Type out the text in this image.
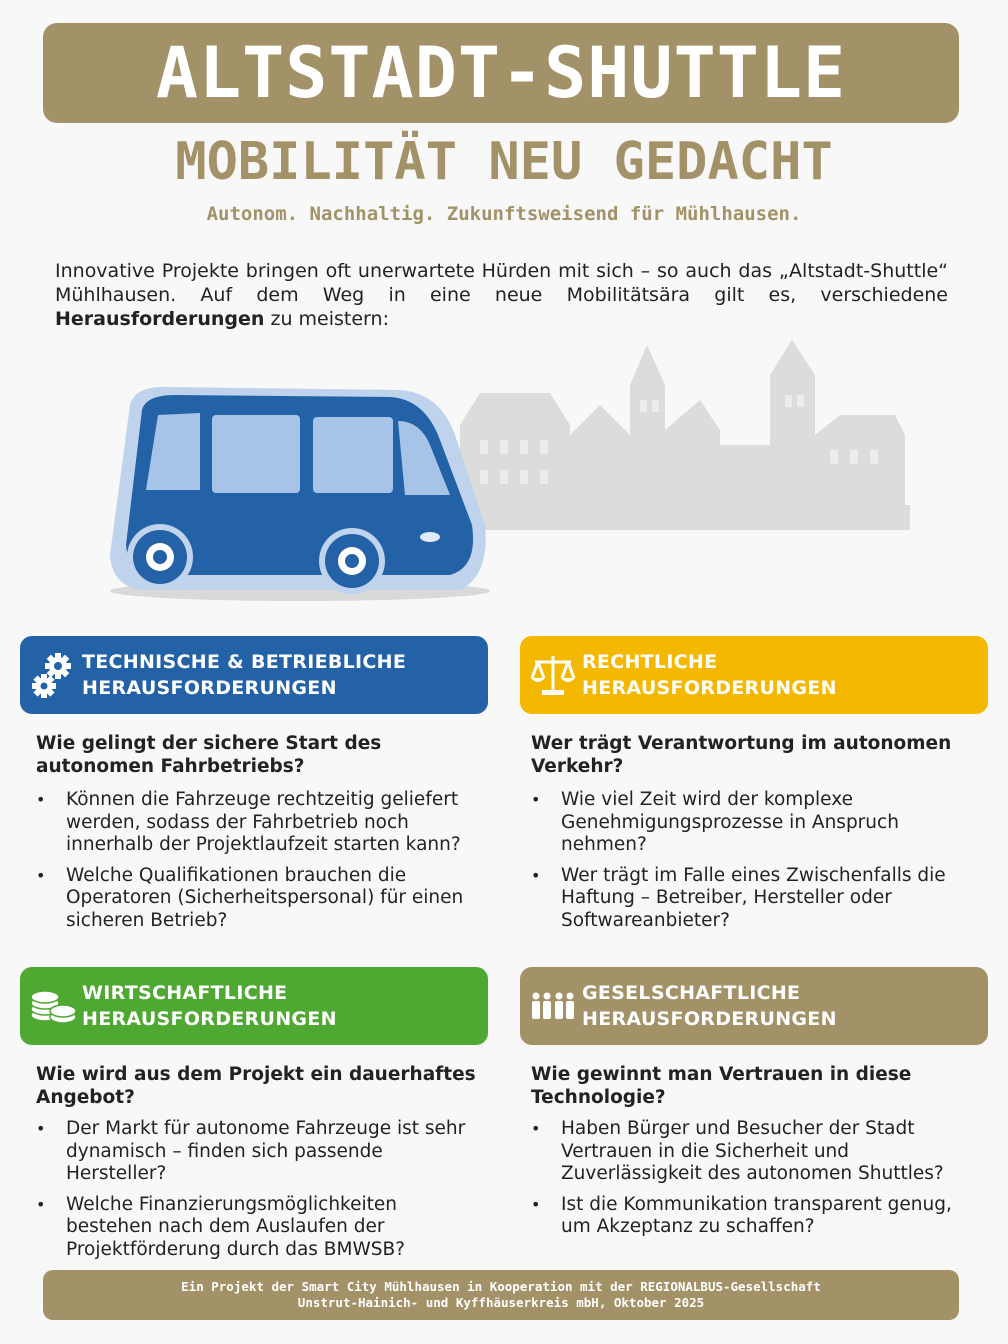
ALTSTADT-SHUTTLE
MOBILITÄT NEU GEDACHT
Autonom. Nachhaltig. Zukunftsweisend für Mühlhausen.
Innovative Projekte bringen oft unerwartete Hürden mit sich – so auch das „Altstadt-Shuttle“ Mühlhausen. Auf dem Weg in eine neue Mobilitätsära gilt es, verschiedene Herausforderungen zu meistern:
TECHNISCHE & BETRIEBLICHE
HERAUSFORDERUNGEN
Wie gelingt der sichere Start des autonomen Fahrbetriebs?
• Können die Fahrzeuge rechtzeitig geliefert werden, sodass der Fahrbetrieb noch innerhalb der Projektlaufzeit starten kann?
• Welche Qualifikationen brauchen die Operatoren (Sicherheitspersonal) für einen sicheren Betrieb?
RECHTLICHE
HERAUSFORDERUNGEN
Wer trägt Verantwortung im autonomen Verkehr?
• Wie viel Zeit wird der komplexe Genehmigungsprozesse in Anspruch nehmen?
• Wer trägt im Falle eines Zwischenfalls die Haftung – Betreiber, Hersteller oder Softwareanbieter?
WIRTSCHAFTLICHE
HERAUSFORDERUNGEN
Wie wird aus dem Projekt ein dauerhaftes Angebot?
• Der Markt für autonome Fahrzeuge ist sehr dynamisch – finden sich passende Hersteller?
• Welche Finanzierungsmöglichkeiten bestehen nach dem Auslaufen der Projektförderung durch das BMWSB?
GESELSCHAFTLICHE
HERAUSFORDERUNGEN
Wie gewinnt man Vertrauen in diese Technologie?
• Haben Bürger und Besucher der Stadt Vertrauen in die Sicherheit und Zuverlässigkeit des autonomen Shuttles?
• Ist die Kommunikation transparent genug, um Akzeptanz zu schaffen?
Ein Projekt der Smart City Mühlhausen in Kooperation mit der REGIONALBUS-Gesellschaft
Unstrut-Hainich- und Kyffhäuserkreis mbH, Oktober 2025
